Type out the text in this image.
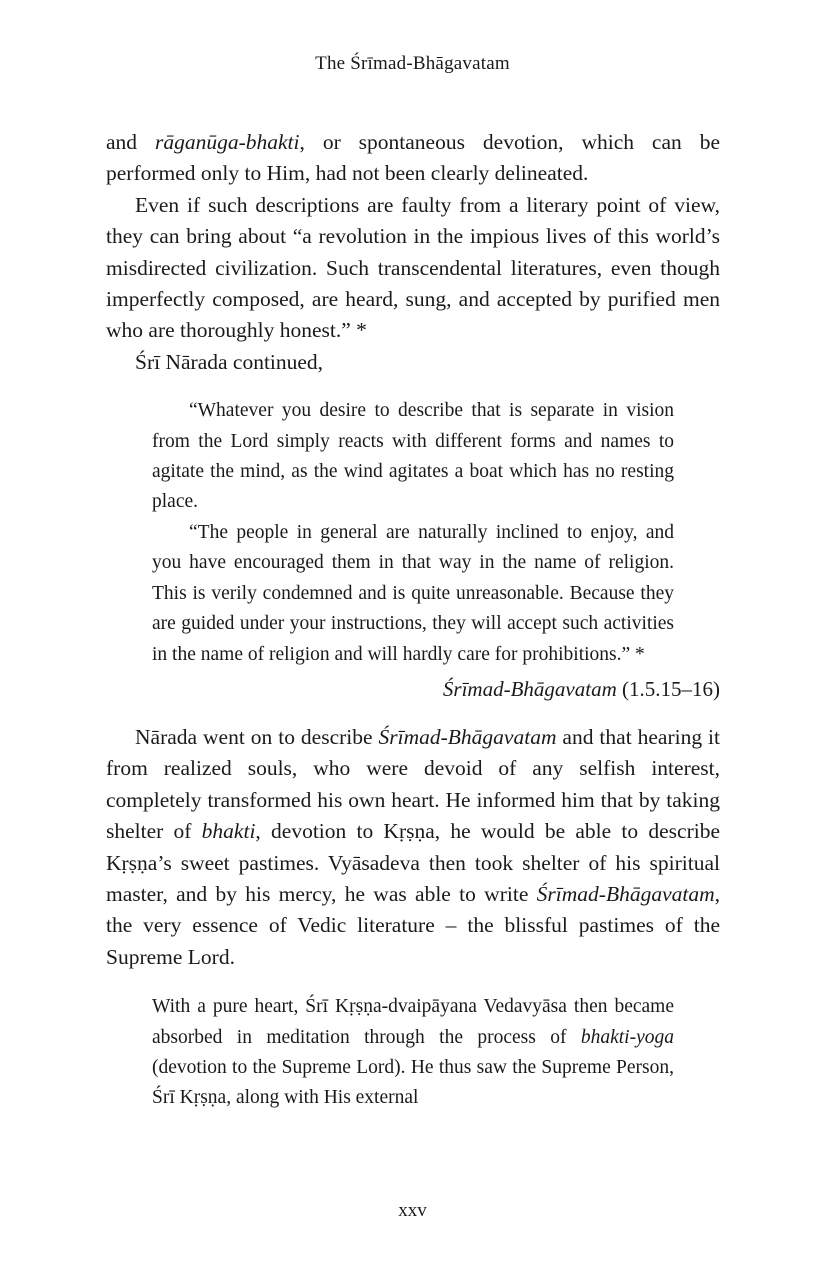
The Śrīmad-Bhāgavatam

and rāganūga-bhakti, or spontaneous devotion, which can be performed only to Him, had not been clearly delineated.

Even if such descriptions are faulty from a literary point of view, they can bring about “a revolution in the impious lives of this world’s misdirected civilization. Such transcendental literatures, even though imperfectly composed, are heard, sung, and accepted by purified men who are thoroughly honest.” *

Śrī Nārada continued,

“Whatever you desire to describe that is separate in vision from the Lord simply reacts with different forms and names to agitate the mind, as the wind agitates a boat which has no resting place.

“The people in general are naturally inclined to enjoy, and you have encouraged them in that way in the name of religion. This is verily condemned and is quite unreasonable. Because they are guided under your instructions, they will accept such activities in the name of religion and will hardly care for prohibitions.” *

Śrīmad-Bhāgavatam (1.5.15–16)

Nārada went on to describe Śrīmad-Bhāgavatam and that hearing it from realized souls, who were devoid of any selfish interest, completely transformed his own heart. He informed him that by taking shelter of bhakti, devotion to Kṛṣṇa, he would be able to describe Kṛṣṇa’s sweet pastimes. Vyāsadeva then took shelter of his spiritual master, and by his mercy, he was able to write Śrīmad-Bhāgavatam, the very essence of Vedic literature – the blissful pastimes of the Supreme Lord.

With a pure heart, Śrī Kṛṣṇa-dvaipāyana Vedavyāsa then became absorbed in meditation through the process of bhakti-yoga (devotion to the Supreme Lord). He thus saw the Supreme Person, Śrī Kṛṣṇa, along with His external

xxv
